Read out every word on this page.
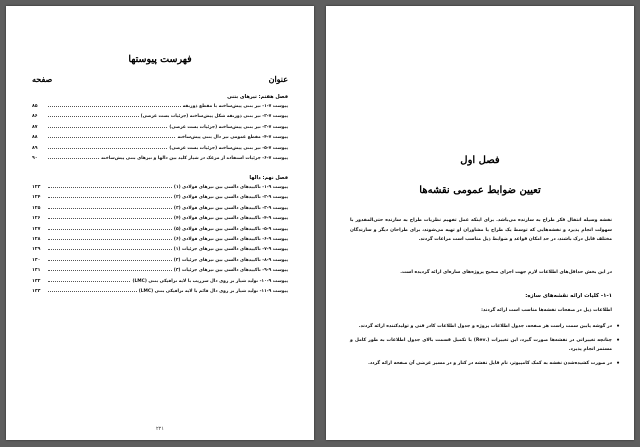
فهرست پیوستها
عنوان
صفحه
فصل هفتم: تیرهای بتنی
پیوست ۷-۱- تیر بتنی پیش‌ساخته با مقطع ذوزنقه
۸۵
پیوست ۷-۲- تیر بتنی ذوزنقه شکل پیش‌ساخته (جزئیات بست عرضی)
۸۶
پیوست ۷-۳- تیر بتنی پیش‌ساخته (جزئیات بست عرضی)
۸۷
پیوست ۷-۴- مقطع عمومی تیر دال بتنی پیش‌ساخته
۸۸
پیوست ۷-۵- تیر بتنی پیش‌ساخته (جزئیات بست عرضی)
۸۹
پیوست ۷-۶- جزئیات استفاده از مرغک در شیار کلید بین دالها و تیرهای بتنی پیش‌ساخته
۹۰
فصل نهم: دالها
پیوست ۹-۱- تاکییدهای دالسی بین تیرهای فولادی (۱)
۱۲۳
پیوست ۹-۲- تاکییدهای دالسی بین تیرهای فولادی (۲)
۱۲۴
پیوست ۹-۳- تاکییدهای دالسی بین تیرهای فولادی (۳)
۱۲۵
پیوست ۹-۴- تاکییدهای دالسی بین تیرهای فولادی (۴)
۱۲۶
پیوست ۹-۵- تاکییدهای دالسی بین تیرهای فولادی (۵)
۱۲۷
پیوست ۹-۶- تاکییدهای دالسی بین تیرهای فولادی (۶)
۱۲۸
پیوست ۹-۷- تاکییدهای دالسی بین تیرهای جزئیات (۱)
۱۲۹
پیوست ۹-۸- تاکییدهای دالسی بین تیرهای جزئیات (۲)
۱۳۰
پیوست ۹-۹- تاکییدهای دالسی بین تیرهای جزئیات (۳)
۱۳۱
پیوست ۹-۱۰- تولید شیار بر روی دال سرریب با لایه ترافیکی بتنی (LMC)
۱۳۲
پیوست ۹-۱۱- تولید شیار بر روی دال قائم با لایه ترافیکی بتنی (LMC)
۱۳۳
۲۲۱
فصل اول
تعیین ضوابط عمومی نقشه‌ها
نقشه وسیله انتقال فکر طراح به سازنده می‌باشد. برای اینکه عمل تفهیم نظریات طراح به سازنده حتی‌المقدور با سهولت انجام پذیرد و نقشه‌هایی که توسط یک طراح یا مشاوران او تهیه می‌شوند، برای طراحان دیگر و سازندگان مختلف قابل درک باشند، در حد امکان قواعد و ضوابط ذیل مناسب است مراعات گردند.
در این بخش حداقل‌های اطلاعات لازم جهت اجرای صحیح پروژه‌های سازه‌ای ارائه گردیده است.
۱-۱- کلیات ارائه نقشه‌های سازه:
اطلاعات ذیل در صفحات نقشه‌ها مناسب است ارائه گردند:
•
در گوشه پایین سمت راست هر صفحه، جدول اطلاعات پروژه و جدول اطلاعات کادر فنی و تولیدکننده ارائه گردند.
•
چنانچه تغییراتی در نقشه‌ها صورت گیرد، این تغییرات (.Rev) با تکمیل قسمت بالای جدول اطلاعات به طور کامل و مستمر انجام پذیرد.
•
در صورت کشیده‌شدن نقشه به کمک کامپیوتر، نام فایل نقشه در کنار و در مسیر عرضی آن صفحه ارائه گردد.
